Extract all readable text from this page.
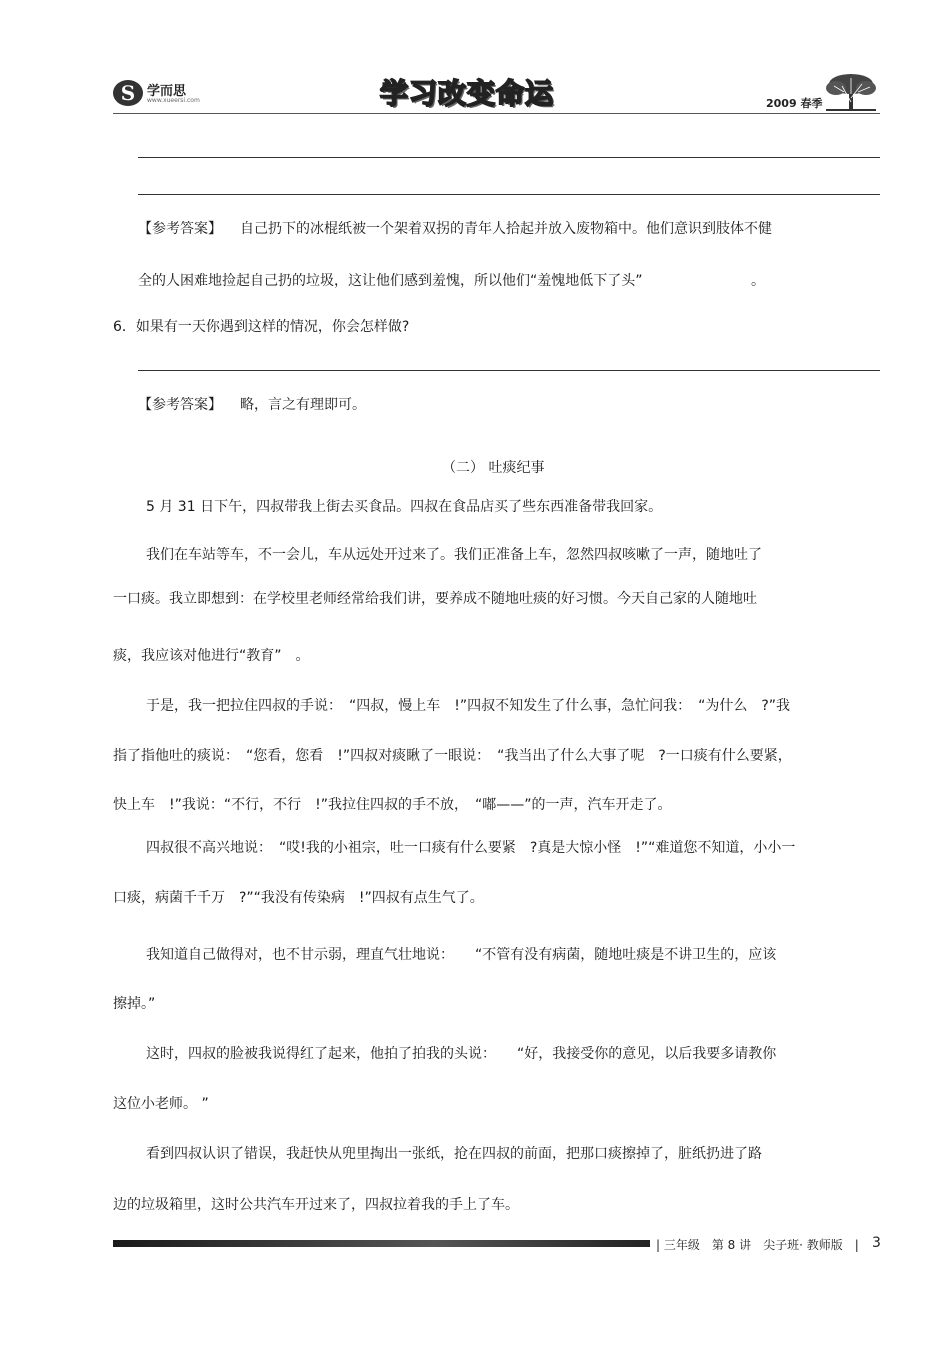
S 学而思
www.xueersi.com	学习改变命运	2009 春季
【参考答案】 自己扔下的冰棍纸被一个架着双拐的青年人拾起并放入废物箱中。他们意识到肢体不健
全的人困难地捡起自己扔的垃圾，这让他们感到羞愧，所以他们“羞愧地低下了头”	。
6．如果有一天你遇到这样的情况，你会怎样做?
【参考答案】 略，言之有理即可。
（二） 吐痰纪事
5 月 31 日下午，四叔带我上街去买食品。四叔在食品店买了些东西准备带我回家。
我们在车站等车，不一会儿，车从远处开过来了。我们正准备上车，忽然四叔咳嗽了一声，随地吐了
一口痰。我立即想到：在学校里老师经常给我们讲，要养成不随地吐痰的好习惯。今天自己家的人随地吐
痰，我应该对他进行“教育”　。
于是，我一把拉住四叔的手说：　“四叔，慢上车　!”四叔不知发生了什么事，急忙问我：　“为什么　?”我
指了指他吐的痰说：　“您看，您看　!”四叔对痰瞅了一眼说：　“我当出了什么大事了呢　?一口痰有什么要紧，
快上车　!”我说：“不行，不行　!”我拉住四叔的手不放，　“嘟——”的一声，汽车开走了。
四叔很不高兴地说：　“哎!我的小祖宗，吐一口痰有什么要紧　?真是大惊小怪　!”“难道您不知道，小小一
口痰，病菌千千万　?”“我没有传染病　!”四叔有点生气了。
我知道自己做得对，也不甘示弱，理直气壮地说：　　“不管有没有病菌，随地吐痰是不讲卫生的，应该
擦掉。”
这时，四叔的脸被我说得红了起来，他拍了拍我的头说：　　“好，我接受你的意见，以后我要多请教你
这位小老师。 ”
看到四叔认识了错误，我赶快从兜里掏出一张纸，抢在四叔的前面，把那口痰擦掉了，脏纸扔进了路
边的垃圾箱里，这时公共汽车开过来了，四叔拉着我的手上了车。
| 三年级　第 8 讲　尖子班· 教师版　| 3
